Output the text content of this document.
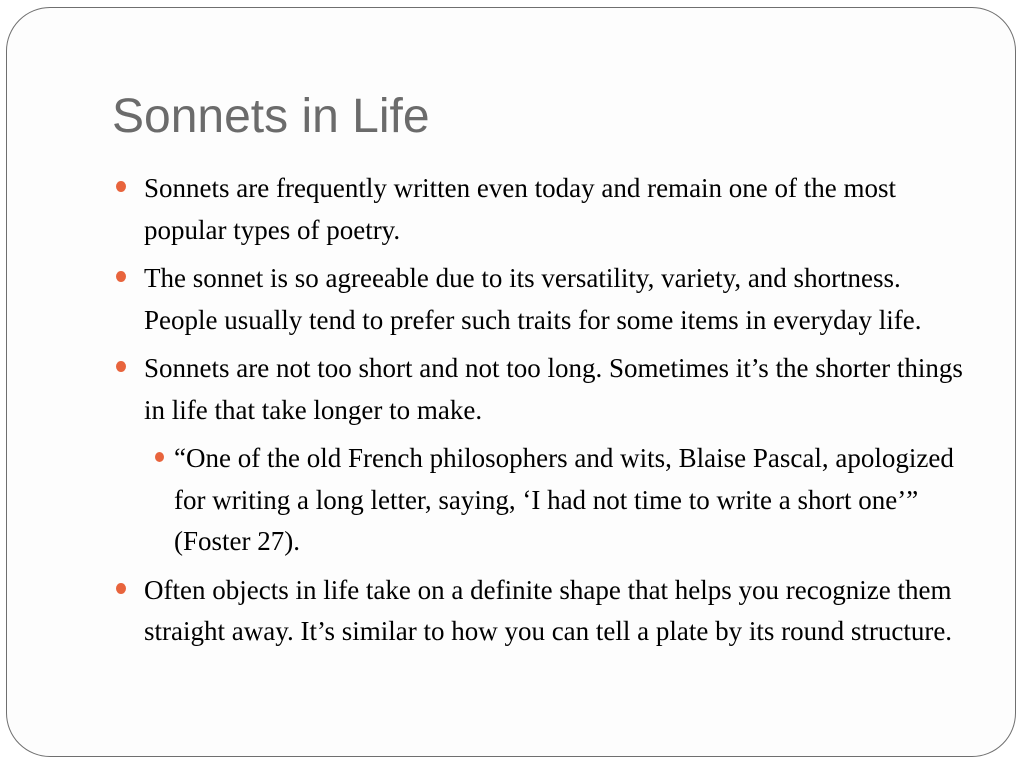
Sonnets in Life
Sonnets are frequently written even today and remain one of the most popular types of poetry.
The sonnet is so agreeable due to its versatility, variety, and shortness. People usually tend to prefer such traits for some items in everyday life.
Sonnets are not too short and not too long. Sometimes it’s the shorter things in life that take longer to make.
“One of the old French philosophers and wits, Blaise Pascal, apologized for writing a long letter, saying, ‘I had not time to write a short one’” (Foster 27).
Often objects in life take on a definite shape that helps you recognize them straight away. It’s similar to how you can tell a plate by its round structure.
